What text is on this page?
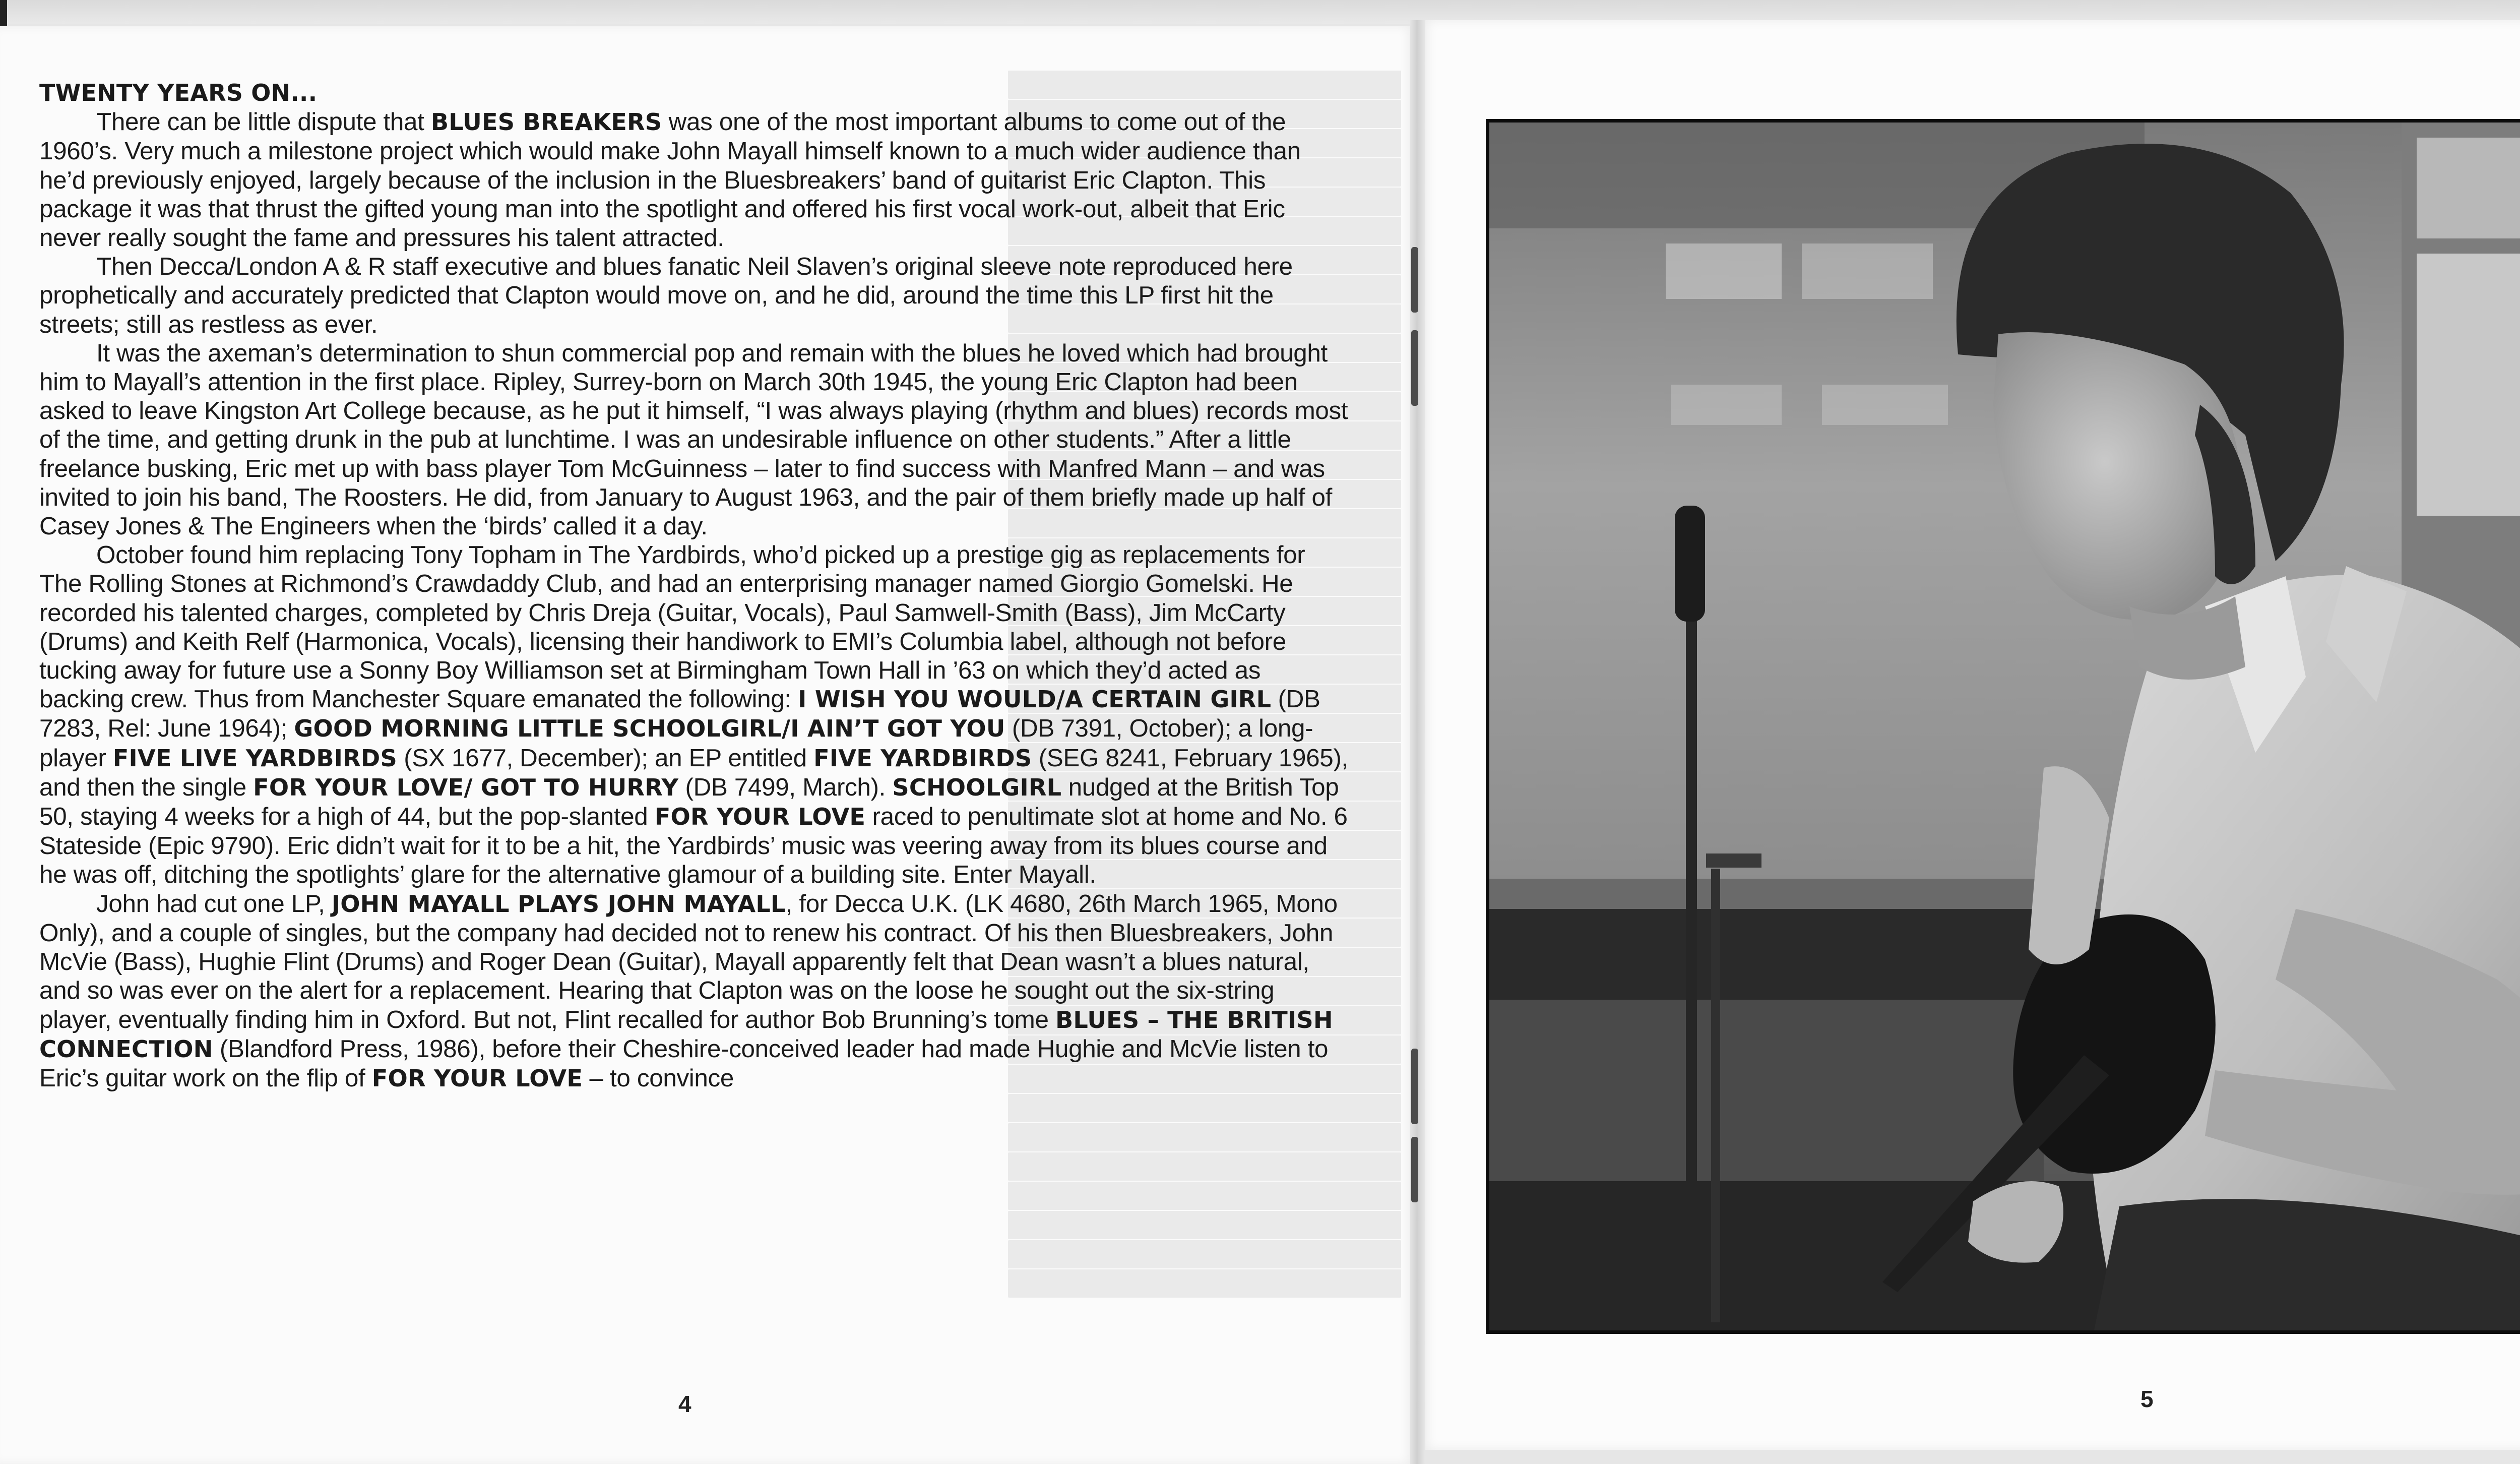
TWENTY YEARS ON...

There can be little dispute that BLUES BREAKERS was one of the most important albums to come out of the 1960’s. Very much a milestone project which would make John Mayall himself known to a much wider audience than he’d previously enjoyed, largely because of the inclusion in the Bluesbreakers’ band of guitarist Eric Clapton. This package it was that thrust the gifted young man into the spotlight and offered his first vocal work-out, albeit that Eric never really sought the fame and pressures his talent attracted.

Then Decca/London A & R staff executive and blues fanatic Neil Slaven’s original sleeve note reproduced here prophetically and accurately predicted that Clapton would move on, and he did, around the time this LP first hit the streets; still as restless as ever.

It was the axeman’s determination to shun commercial pop and remain with the blues he loved which had brought him to Mayall’s attention in the first place. Ripley, Surrey-born on March 30th 1945, the young Eric Clapton had been asked to leave Kingston Art College because, as he put it himself, “I was always playing (rhythm and blues) records most of the time, and getting drunk in the pub at lunchtime. I was an undesirable influence on other students.” After a little freelance busking, Eric met up with bass player Tom McGuinness – later to find success with Manfred Mann – and was invited to join his band, The Roosters. He did, from January to August 1963, and the pair of them briefly made up half of Casey Jones & The Engineers when the ‘birds’ called it a day.

October found him replacing Tony Topham in The Yardbirds, who’d picked up a prestige gig as replacements for The Rolling Stones at Richmond’s Crawdaddy Club, and had an enterprising manager named Giorgio Gomelski. He recorded his talented charges, completed by Chris Dreja (Guitar, Vocals), Paul Samwell-Smith (Bass), Jim McCarty (Drums) and Keith Relf (Harmonica, Vocals), licensing their handiwork to EMI’s Columbia label, although not before tucking away for future use a Sonny Boy Williamson set at Birmingham Town Hall in ’63 on which they’d acted as backing crew. Thus from Manchester Square emanated the following: I WISH YOU WOULD/A CERTAIN GIRL (DB 7283, Rel: June 1964); GOOD MORNING LITTLE SCHOOLGIRL/I AIN’T GOT YOU (DB 7391, October); a long-player FIVE LIVE YARDBIRDS (SX 1677, December); an EP entitled FIVE YARDBIRDS (SEG 8241, February 1965), and then the single FOR YOUR LOVE/ GOT TO HURRY (DB 7499, March). SCHOOLGIRL nudged at the British Top 50, staying 4 weeks for a high of 44, but the pop-slanted FOR YOUR LOVE raced to penultimate slot at home and No. 6 Stateside (Epic 9790). Eric didn’t wait for it to be a hit, the Yardbirds’ music was veering away from its blues course and he was off, ditching the spotlights’ glare for the alternative glamour of a building site. Enter Mayall.

John had cut one LP, JOHN MAYALL PLAYS JOHN MAYALL, for Decca U.K. (LK 4680, 26th March 1965, Mono Only), and a couple of singles, but the company had decided not to renew his contract. Of his then Bluesbreakers, John McVie (Bass), Hughie Flint (Drums) and Roger Dean (Guitar), Mayall apparently felt that Dean wasn’t a blues natural, and so was ever on the alert for a replacement. Hearing that Clapton was on the loose he sought out the six-string player, eventually finding him in Oxford. But not, Flint recalled for author Bob Brunning’s tome BLUES – THE BRITISH CONNECTION (Blandford Press, 1986), before their Cheshire-conceived leader had made Hughie and McVie listen to Eric’s guitar work on the flip of FOR YOUR LOVE – to convince

4	5
